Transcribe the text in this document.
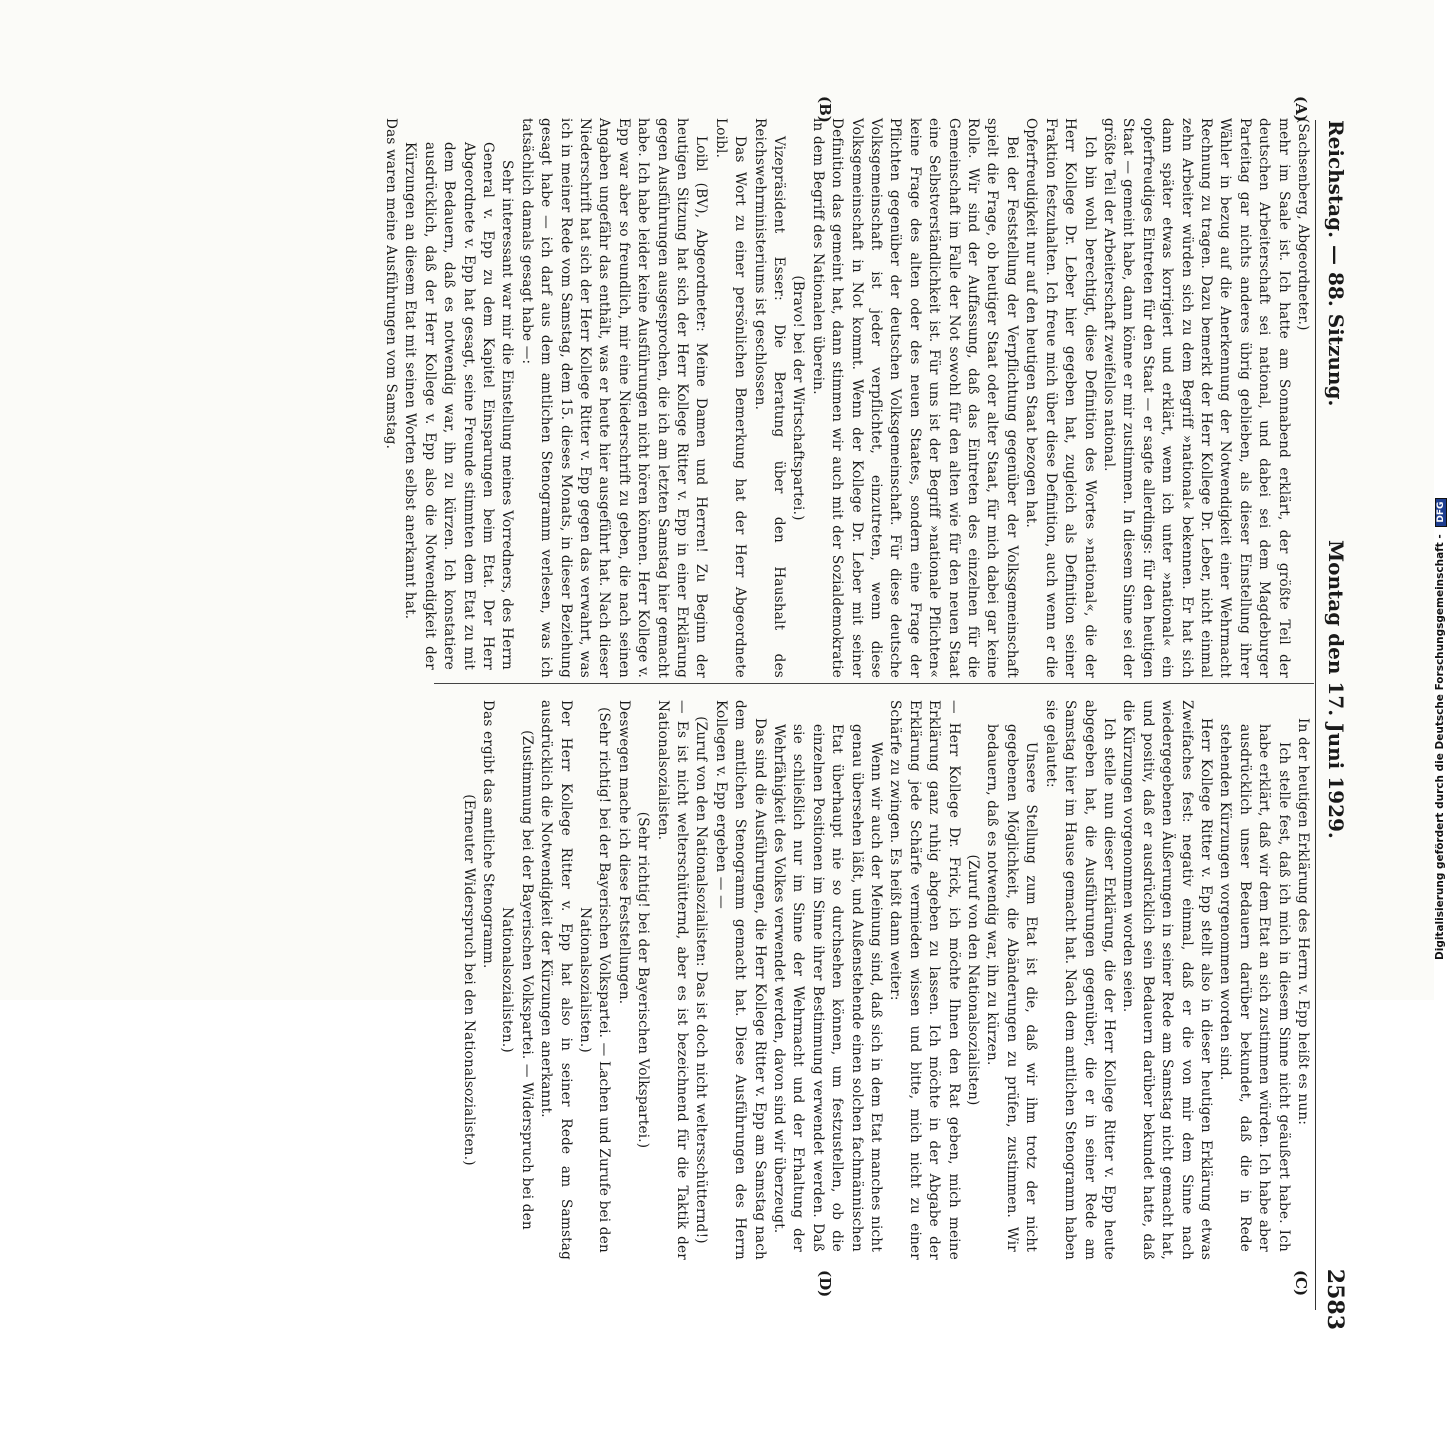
Reichstag. — 88. Sitzung.
Montag den 17. Juni 1929.
2583
(A)
(B)
(C)
(D)

(Sachsenberg, Abgeordneter.)

mehr im Saale ist. Ich hatte am Sonnabend erklärt, der größte Teil der deutschen Arbeiterschaft sei national, und dabei sei dem Magdeburger Parteitag gar nichts anderes übrig geblieben, als dieser Einstellung ihrer Wähler in bezug auf die Anerkennung der Notwendigkeit einer Wehrmacht Rechnung zu tragen. Dazu bemerkt der Herr Kollege Dr. Leber, nicht einmal zehn Arbeiter würden sich zu dem Begriff »national« bekennen. Er hat sich dann später etwas korrigiert und erklärt, wenn ich unter »national« ein opferfreudiges Eintreten für den Staat — er sagte allerdings: für den heutigen Staat — gemeint habe, dann könne er mir zustimmen. In diesem Sinne sei der größte Teil der Arbeiterschaft zweifellos national.

Ich bin wohl berechtigt, diese Definition des Wortes »national«, die der Herr Kollege Dr. Leber hier gegeben hat, zugleich als Definition seiner Fraktion festzuhalten. Ich freue mich über diese Definition, auch wenn er die Opferfreudigkeit nur auf den heutigen Staat bezogen hat.

Bei der Feststellung der Verpflichtung gegenüber der Volksgemeinschaft spielt die Frage, ob heutiger Staat oder alter Staat, für mich dabei gar keine Rolle. Wir sind der Auffassung, daß das Eintreten des einzelnen für die Gemeinschaft im Falle der Not sowohl für den alten wie für den neuen Staat eine Selbstverständlichkeit ist. Für uns ist der Begriff »nationale Pflichten« keine Frage des alten oder des neuen Staates, sondern eine Frage der Pflichten gegenüber der deutschen Volksgemeinschaft. Für diese deutsche Volksgemeinschaft ist jeder verpflichtet, einzutreten, wenn diese Volksgemeinschaft in Not kommt. Wenn der Kollege Dr. Leber mit seiner Definition das gemeint hat, dann stimmen wir auch mit der Sozialdemokratie in dem Begriff des Nationalen überein.

(Bravo! bei der Wirtschaftspartei.)

Vizepräsident Esser: Die Beratung über den Haushalt des Reichswehrministeriums ist geschlossen.

Das Wort zu einer persönlichen Bemerkung hat der Herr Abgeordnete Loibl.

Loibl (BV), Abgeordneter: Meine Damen und Herren! Zu Beginn der heutigen Sitzung hat sich der Herr Kollege Ritter v. Epp in einer Erklärung gegen Ausführungen ausgesprochen, die ich am letzten Samstag hier gemacht habe. Ich habe leider keine Ausführungen nicht hören können. Herr Kollege v. Epp war aber so freundlich, mir eine Niederschrift zu geben, die nach seinen Angaben ungefähr das enthält, was er heute hier ausgeführt hat. Nach dieser Niederschrift hat sich der Herr Kollege Ritter v. Epp gegen das verwahrt, was ich in meiner Rede vom Samstag, dem 15. dieses Monats, in dieser Beziehung gesagt habe — ich darf aus dem amtlichen Stenogramm verlesen, was ich tatsächlich damals gesagt habe —:

Sehr interessant war mir die Einstellung meines Vorredners, des Herrn General v. Epp zu dem Kapitel Einsparungen beim Etat. Der Herr Abgeordnete v. Epp hat gesagt, seine Freunde stimmten dem Etat zu mit dem Bedauern, daß es notwendig war, ihn zu kürzen. Ich konstatiere ausdrücklich, daß der Herr Kollege v. Epp also die Notwendigkeit der Kürzungen an diesem Etat mit seinen Worten selbst anerkannt hat.

Das waren meine Ausführungen vom Samstag.

In der heutigen Erklärung des Herrn v. Epp heißt es nun:

Ich stelle fest, daß ich mich in diesem Sinne nicht geäußert habe. Ich habe erklärt, daß wir dem Etat an sich zustimmen würden. Ich habe aber ausdrücklich unser Bedauern darüber bekundet, daß die in Rede stehenden Kürzungen vorgenommen worden sind.

Herr Kollege Ritter v. Epp stellt also in dieser heutigen Erklärung etwas Zweifaches fest: negativ einmal, daß er die von mir dem Sinne nach wiedergegebenen Äußerungen in seiner Rede am Samstag nicht gemacht hat, und positiv, daß er ausdrücklich sein Bedauern darüber bekundet hatte, daß die Kürzungen vorgenommen worden seien.

Ich stelle nun dieser Erklärung, die der Herr Kollege Ritter v. Epp heute abgegeben hat, die Ausführungen gegenüber, die er in seiner Rede am Samstag hier im Hause gemacht hat. Nach dem amtlichen Stenogramm haben sie gelautet:

Unsere Stellung zum Etat ist die, daß wir ihm trotz der nicht gegebenen Möglichkeit, die Abänderungen zu prüfen, zustimmen. Wir bedauern, daß es notwendig war, ihn zu kürzen.

(Zuruf von den Nationalsozialisten)

— Herr Kollege Dr. Frick, ich möchte Ihnen den Rat geben, mich meine Erklärung ganz ruhig abgeben zu lassen. Ich möchte in der Abgabe der Erklärung jede Schärfe vermieden wissen und bitte, mich nicht zu einer Schärfe zu zwingen. Es heißt dann weiter:

Wenn wir auch der Meinung sind, daß sich in dem Etat manches nicht genau übersehen läßt, und Außenstehende einen solchen fachmännischen Etat überhaupt nie so durchsehen können, um festzustellen, ob die einzelnen Positionen im Sinne ihrer Bestimmung verwendet werden. Daß sie schließlich nur im Sinne der Wehrmacht und der Erhaltung der Wehrfähigkeit des Volkes verwendet werden, davon sind wir überzeugt.

Das sind die Ausführungen, die Herr Kollege Ritter v. Epp am Samstag nach dem amtlichen Stenogramm gemacht hat. Diese Ausführungen des Herrn Kollegen v. Epp ergeben — —

(Zuruf von den Nationalsozialisten: Das ist doch nicht weltersschütternd!)

— Es ist nicht welterschütternd, aber es ist bezeichnend für die Taktik der Nationalsozialisten.

(Sehr richtig! bei der Bayerischen Volkspartei.)

Deswegen mache ich diese Feststellungen.

(Sehr richtig! bei der Bayerischen Volkspartei. — Lachen und Zurufe bei den Nationalsozialisten.)

Der Herr Kollege Ritter v. Epp hat also in seiner Rede am Samstag ausdrücklich die Notwendigkeit der Kürzungen anerkannt.

(Zustimmung bei der Bayerischen Volkspartei. — Widerspruch bei den Nationalsozialisten.)

Das ergibt das amtliche Stenogramm.

(Erneuter Widerspruch bei den Nationalsozialisten.)

Digitalisierung gefördert durch die Deutsche Forschungsgemeinschaft - DFG
